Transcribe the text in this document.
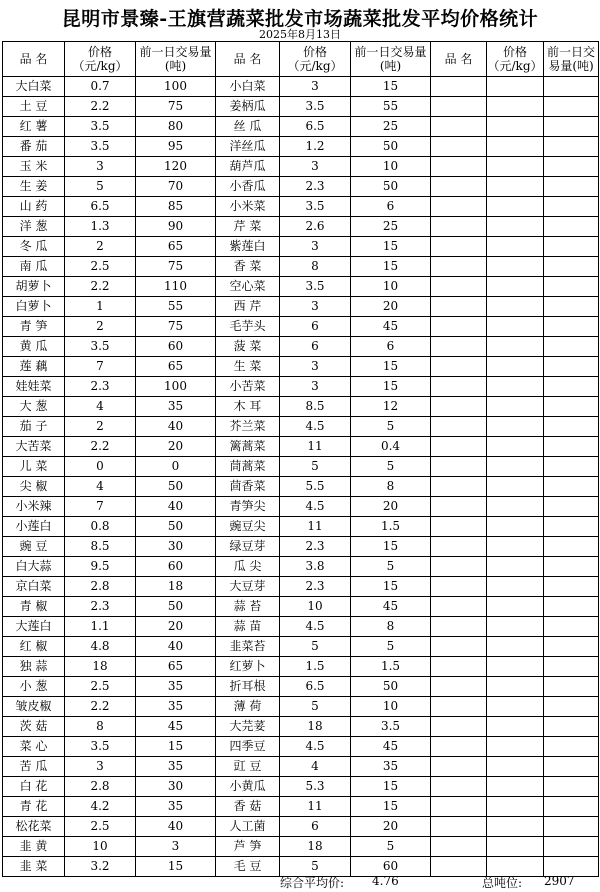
昆明市景臻-王旗营蔬菜批发市场蔬菜批发平均价格统计
2025年8月13日
品 名	价格（元/kg）	前一日交易量(吨)	品 名	价格（元/kg）	前一日交易量(吨)	品 名	价格（元/kg）	前一日交易量(吨)

大白菜	0.7	100	小白菜	3	15			
土 豆	2.2	75	姜柄瓜	3.5	55			
红 薯	3.5	80	丝 瓜	6.5	25			
番 茄	3.5	95	洋丝瓜	1.2	50			
玉 米	3	120	葫芦瓜	3	10			
生 姜	5	70	小香瓜	2.3	50			
山 药	6.5	85	小米菜	3.5	6			
洋 葱	1.3	90	芹 菜	2.6	25			
冬 瓜	2	65	紫莲白	3	15			
南 瓜	2.5	75	香 菜	8	15			
胡萝卜	2.2	110	空心菜	3.5	10			
白萝卜	1	55	西 芹	3	20			
青 笋	2	75	毛芋头	6	45			
黄 瓜	3.5	60	菠 菜	6	6			
莲 藕	7	65	生 菜	3	15			
娃娃菜	2.3	100	小苦菜	3	15			
大 葱	4	35	木 耳	8.5	12			
茄 子	2	40	芥兰菜	4.5	5			
大苦菜	2.2	20	篱蒿菜	11	0.4			
儿 菜	0	0	茼蒿菜	5	5			
尖 椒	4	50	茴香菜	5.5	8			
小米辣	7	40	青笋尖	4.5	20			
小莲白	0.8	50	豌豆尖	11	1.5			
豌 豆	8.5	30	绿豆芽	2.3	15			
白大蒜	9.5	60	瓜 尖	3.8	5			
京白菜	2.8	18	大豆芽	2.3	15			
青 椒	2.3	50	蒜 苔	10	45			
大莲白	1.1	20	蒜 苗	4.5	8			
红 椒	4.8	40	韭菜苔	5	5			
独 蒜	18	65	红萝卜	1.5	1.5			
小 葱	2.5	35	折耳根	6.5	50			
皱皮椒	2.2	35	薄 荷	5	10			
茨 菇	8	45	大芫荽	18	3.5			
菜 心	3.5	15	四季豆	4.5	45			
苦 瓜	3	35	豇 豆	4	35			
白 花	2.8	30	小黄瓜	5.3	15			
青 花	4.2	35	香 菇	11	15			
松花菜	2.5	40	人工菌	6	20			
韭 黄	10	3	芦 笋	18	5			
韭 菜	3.2	15	毛 豆	5	60			
综合平均价: 4.76	总吨位: 2907
